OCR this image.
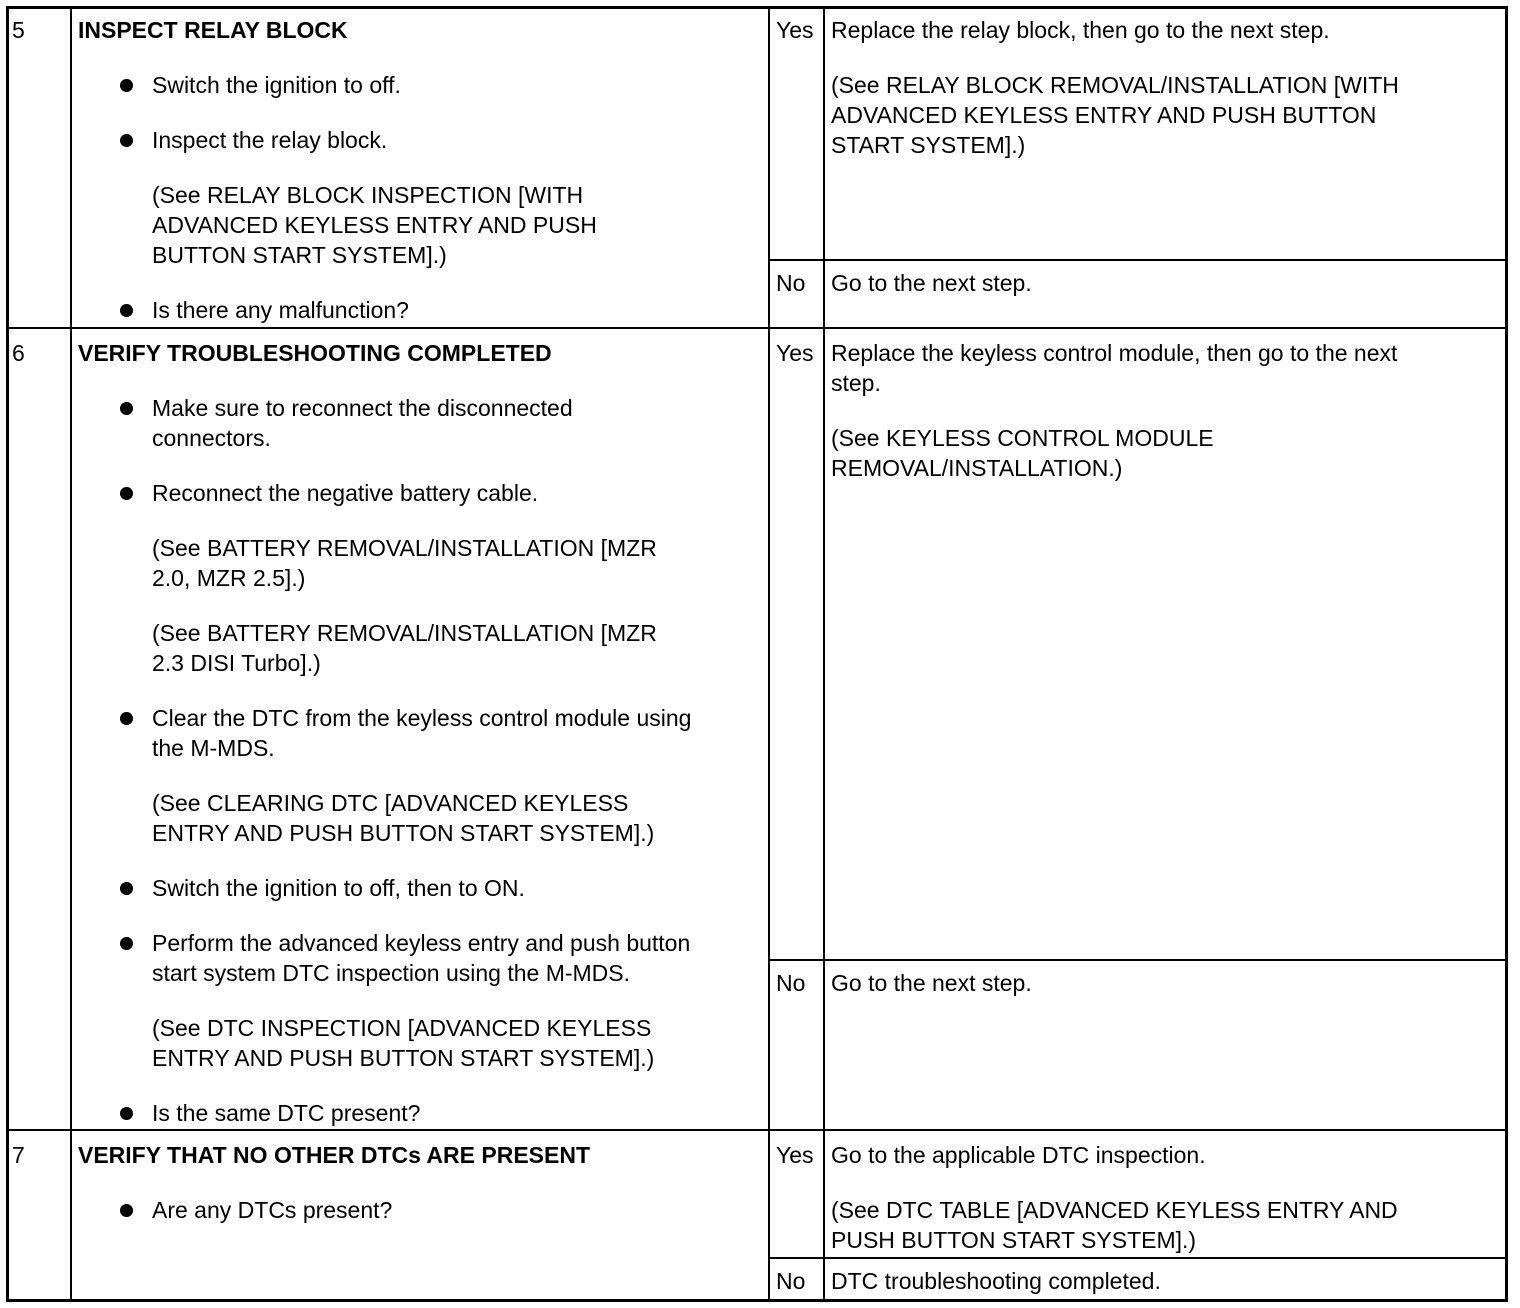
5 INSPECT RELAY BLOCK
Switch the ignition to off.
Inspect the relay block.
(See RELAY BLOCK INSPECTION [WITH
ADVANCED KEYLESS ENTRY AND PUSH
BUTTON START SYSTEM].)
Is there any malfunction?
Yes Replace the relay block, then go to the next step.
(See RELAY BLOCK REMOVAL/INSTALLATION [WITH
ADVANCED KEYLESS ENTRY AND PUSH BUTTON
START SYSTEM].)
No Go to the next step.
6 VERIFY TROUBLESHOOTING COMPLETED
Make sure to reconnect the disconnected
connectors.
Reconnect the negative battery cable.
(See BATTERY REMOVAL/INSTALLATION [MZR
2.0, MZR 2.5].)
(See BATTERY REMOVAL/INSTALLATION [MZR
2.3 DISI Turbo].)
Clear the DTC from the keyless control module using
the M-MDS.
(See CLEARING DTC [ADVANCED KEYLESS
ENTRY AND PUSH BUTTON START SYSTEM].)
Switch the ignition to off, then to ON.
Perform the advanced keyless entry and push button
start system DTC inspection using the M-MDS.
(See DTC INSPECTION [ADVANCED KEYLESS
ENTRY AND PUSH BUTTON START SYSTEM].)
Is the same DTC present?
Yes Replace the keyless control module, then go to the next
step.
(See KEYLESS CONTROL MODULE
REMOVAL/INSTALLATION.)
No Go to the next step.
7 VERIFY THAT NO OTHER DTCs ARE PRESENT
Are any DTCs present?
Yes Go to the applicable DTC inspection.
(See DTC TABLE [ADVANCED KEYLESS ENTRY AND
PUSH BUTTON START SYSTEM].)
No DTC troubleshooting completed.
